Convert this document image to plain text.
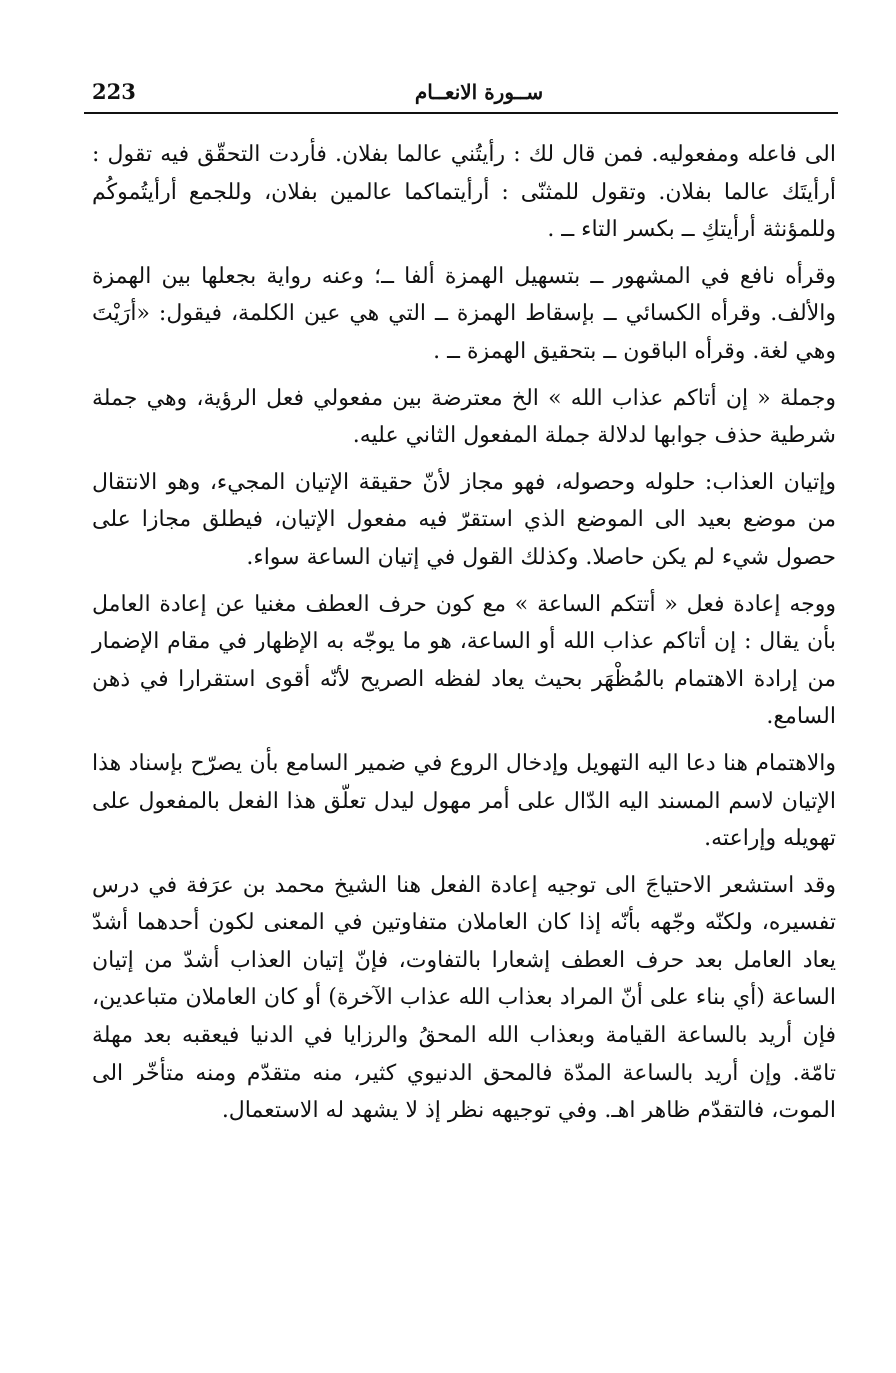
223	ســورة الانعــام

الى فاعله ومفعوليه. فمن قال لك : رأيتُني عالما بفلان. فأردت التحقّق فيه تقول : أرأيتَك عالما بفلان. وتقول للمثنّى : أرأيتماكما عالمين بفلان، وللجمع أرأيتُموكُم وللمؤنثة أرأيتكِ ــ بكسر التاء ــ .

وقرأه نافع في المشهور ــ بتسهيل الهمزة ألفا ــ؛ وعنه رواية بجعلها بين الهمزة والألف. وقرأه الكسائي ــ بإسقاط الهمزة ــ التي هي عين الكلمة، فيقول: «أرَيْتَ وهي لغة. وقرأه الباقون ــ بتحقيق الهمزة ــ .

وجملة « إن أتاكم عذاب الله » الخ معترضة بين مفعولي فعل الرؤية، وهي جملة شرطية حذف جوابها لدلالة جملة المفعول الثاني عليه.

وإتيان العذاب: حلوله وحصوله، فهو مجاز لأنّ حقيقة الإتيان المجيء، وهو الانتقال من موضع بعيد الى الموضع الذي استقرّ فيه مفعول الإتيان، فيطلق مجازا على حصول شيء لم يكن حاصلا. وكذلك القول في إتيان الساعة سواء.

ووجه إعادة فعل « أتتكم الساعة » مع كون حرف العطف مغنيا عن إعادة العامل بأن يقال : إن أتاكم عذاب الله أو الساعة، هو ما يوجّه به الإظهار في مقام الإضمار من إرادة الاهتمام بالمُظْهَر بحيث يعاد لفظه الصريح لأنّه أقوى استقرارا في ذهن السامع.

والاهتمام هنا دعا اليه التهويل وإدخال الروع في ضمير السامع بأن يصرّح بإسناد هذا الإتيان لاسم المسند اليه الدّال على أمر مهول ليدل تعلّق هذا الفعل بالمفعول على تهويله وإراعته.

وقد استشعر الاحتياجَ الى توجيه إعادة الفعل هنا الشيخ محمد بن عرَفة في درس تفسيره، ولكنّه وجّهه بأنّه إذا كان العاملان متفاوتين في المعنى لكون أحدهما أشدّ يعاد العامل بعد حرف العطف إشعارا بالتفاوت، فإنّ إتيان العذاب أشدّ من إتيان الساعة (أي بناء على أنّ المراد بعذاب الله عذاب الآخرة) أو كان العاملان متباعدين، فإن أريد بالساعة القيامة وبعذاب الله المحقُ والرزايا في الدنيا فيعقبه بعد مهلة تامّة. وإن أريد بالساعة المدّة فالمحق الدنيوي كثير، منه متقدّم ومنه متأخّر الى الموت، فالتقدّم ظاهر اهـ. وفي توجيهه نظر إذ لا يشهد له الاستعمال.
